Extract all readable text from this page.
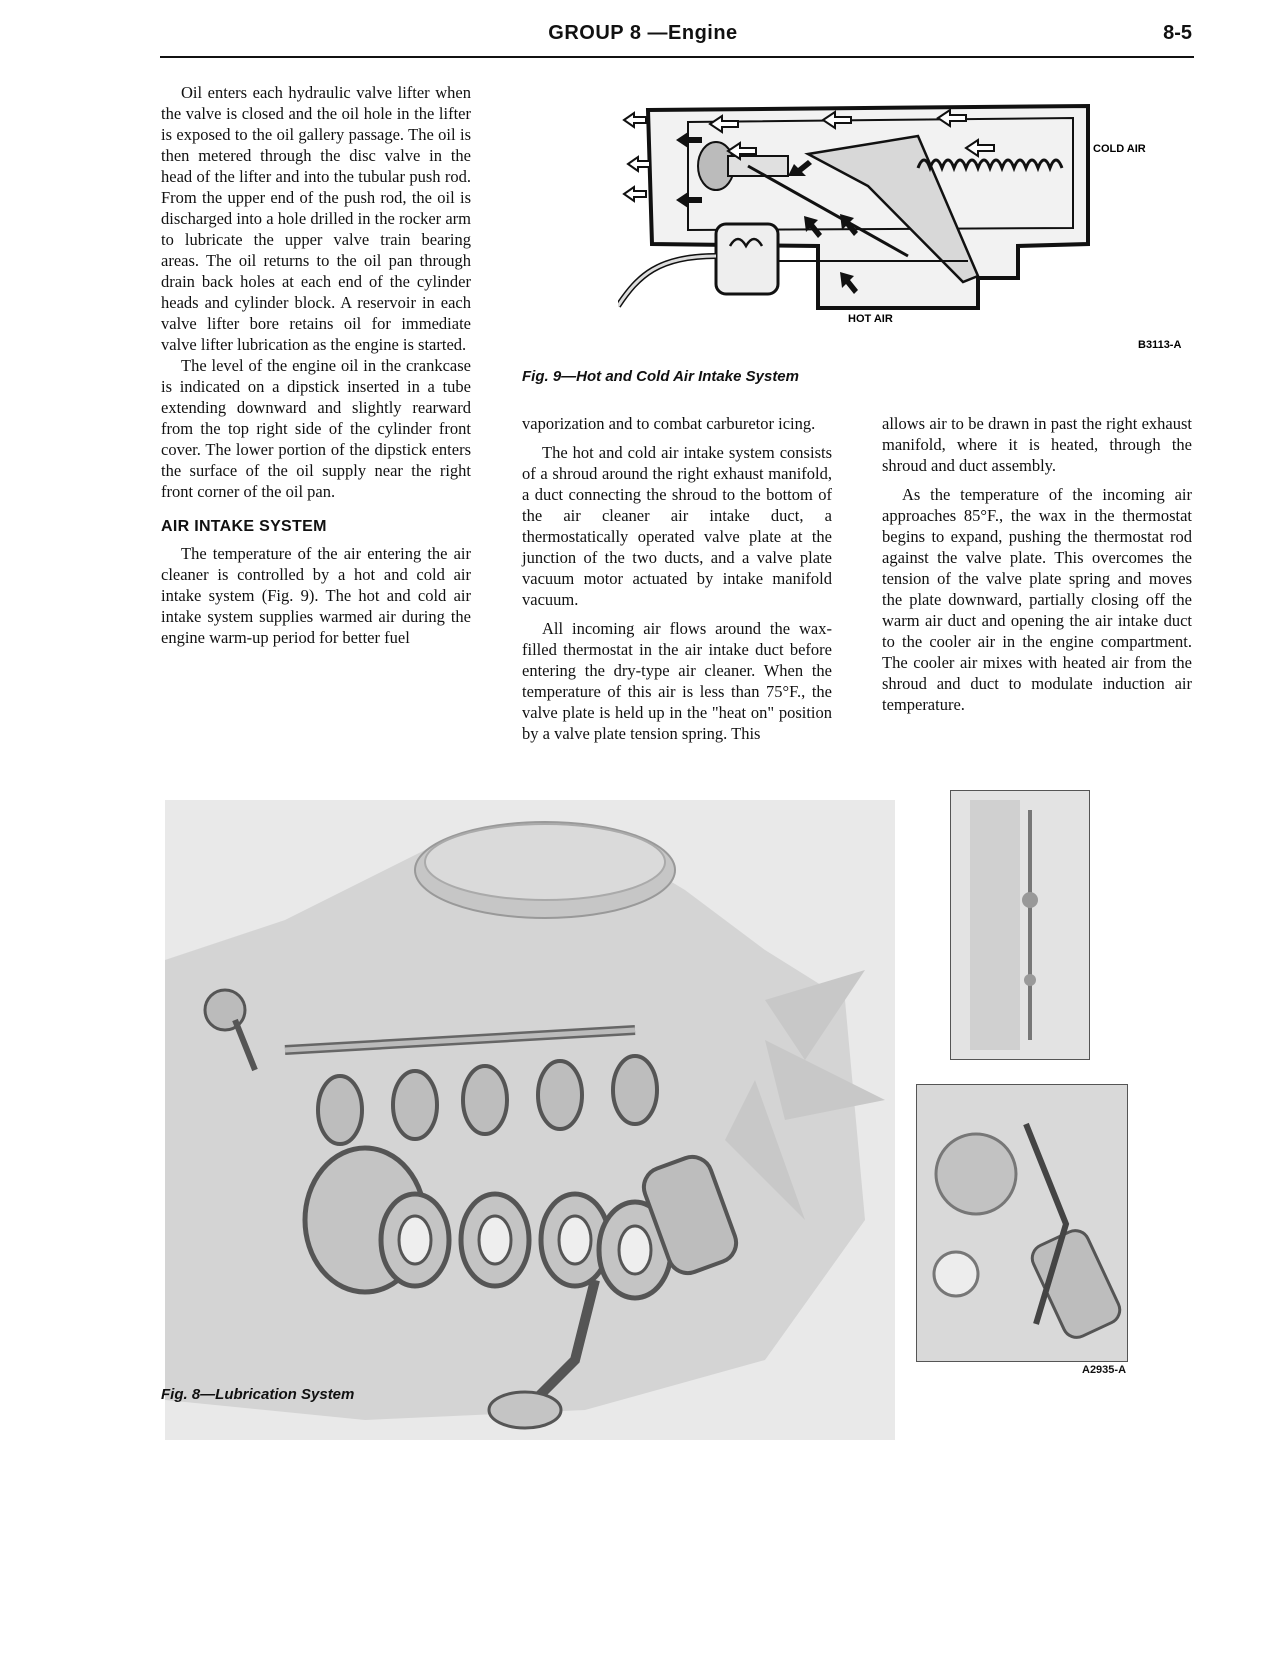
GROUP 8 —Engine	8-5

Oil enters each hydraulic valve lifter when the valve is closed and the oil hole in the lifter is exposed to the oil gallery passage. The oil is then metered through the disc valve in the head of the lifter and into the tubular push rod. From the upper end of the push rod, the oil is discharged into a hole drilled in the rocker arm to lubricate the upper valve train bearing areas. The oil returns to the oil pan through drain back holes at each end of the cylinder heads and cylinder block. A reservoir in each valve lifter bore retains oil for immediate valve lifter lubrication as the engine is started.

The level of the engine oil in the crankcase is indicated on a dipstick inserted in a tube extending downward and slightly rearward from the top right side of the cylinder front cover. The lower portion of the dipstick enters the surface of the oil supply near the right front corner of the oil pan.

AIR INTAKE SYSTEM

The temperature of the air entering the air cleaner is controlled by a hot and cold air intake system (Fig. 9). The hot and cold air intake system supplies warmed air during the engine warm-up period for better fuel

COLD AIR
HOT AIR
B3113-A
Fig. 9—Hot and Cold Air Intake System

vaporization and to combat carburetor icing.

The hot and cold air intake system consists of a shroud around the right exhaust manifold, a duct connecting the shroud to the bottom of the air cleaner air intake duct, a thermostatically operated valve plate at the junction of the two ducts, and a valve plate vacuum motor actuated by intake manifold vacuum.

All incoming air flows around the wax-filled thermostat in the air intake duct before entering the dry-type air cleaner. When the temperature of this air is less than 75°F., the valve plate is held up in the "heat on" position by a valve plate tension spring. This

allows air to be drawn in past the right exhaust manifold, where it is heated, through the shroud and duct assembly.

As the temperature of the incoming air approaches 85°F., the wax in the thermostat begins to expand, pushing the thermostat rod against the valve plate. This overcomes the tension of the valve plate spring and moves the plate downward, partially closing off the warm air duct and opening the air intake duct to the cooler air in the engine compartment. The cooler air mixes with heated air from the shroud and duct to modulate induction air temperature.

Fig. 8—Lubrication System
A2935-A
